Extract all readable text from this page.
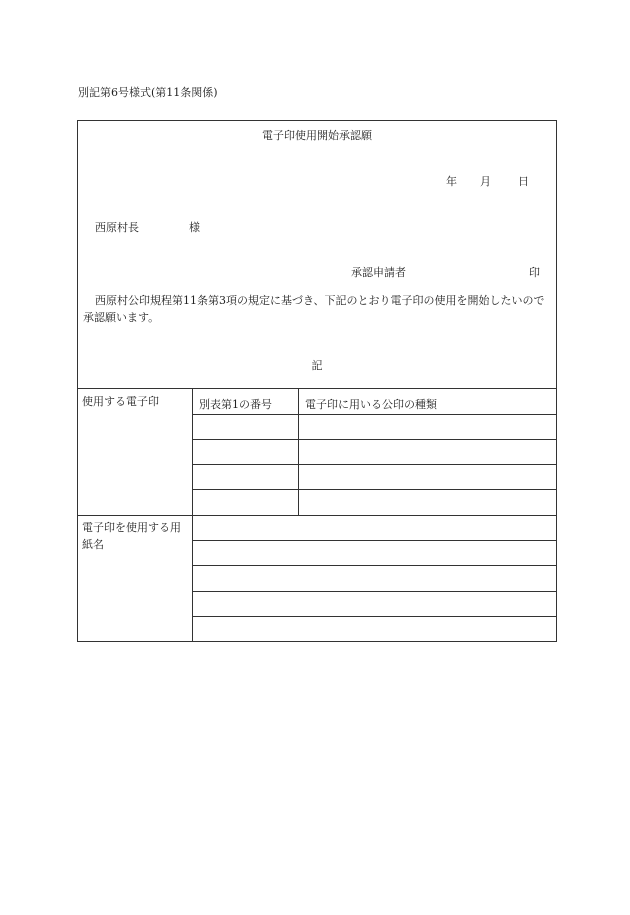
別記第6号様式(第11条関係)
電子印使用開始承認願
年 月 日
西原村長	様
承認申請者	印
西原村公印規程第11条第3項の規定に基づき、下記のとおり電子印の使用を開始したいので承認願います。
記
使用する電子印	別表第1の番号	電子印に用いる公印の種類
電子印を使用する用紙名
